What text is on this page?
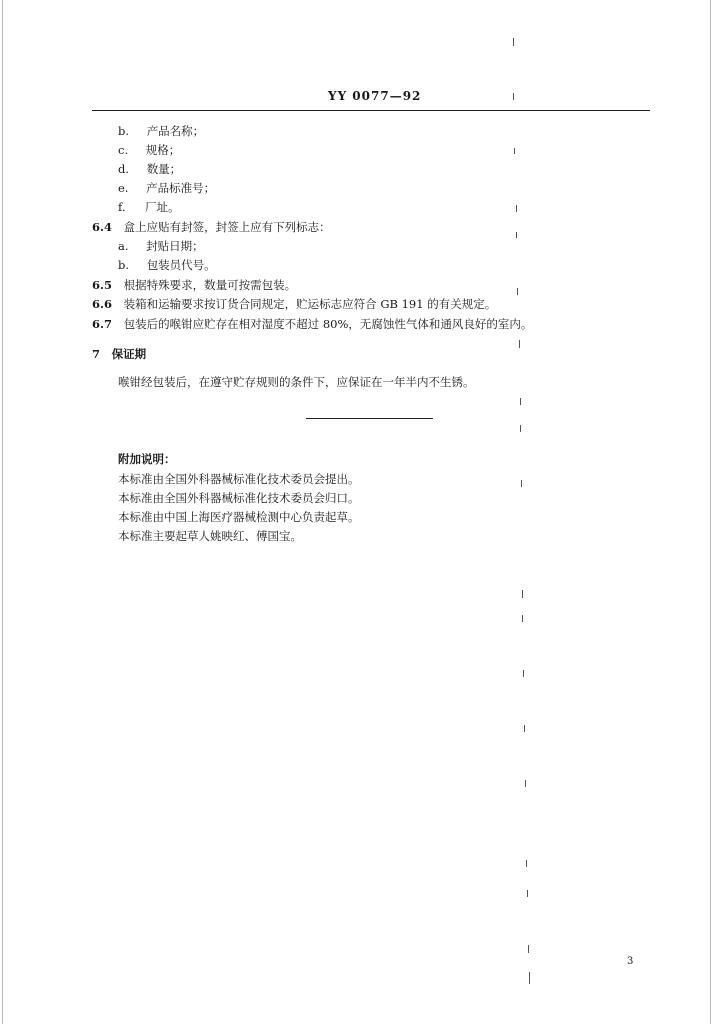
YY 0077—92
b. 产品名称；
c. 规格；
d. 数量；
e. 产品标准号；
f. 厂址。
6.4 盒上应贴有封签，封签上应有下列标志：
a. 封贴日期；
b. 包装员代号。
6.5 根据特殊要求，数量可按需包装。
6.6 装箱和运输要求按订货合同规定，贮运标志应符合 GB 191 的有关规定。
6.7 包装后的喉钳应贮存在相对湿度不超过 80%，无腐蚀性气体和通风良好的室内。
7 保证期
喉钳经包装后，在遵守贮存规则的条件下，应保证在一年半内不生锈。
附加说明：
本标准由全国外科器械标准化技术委员会提出。
本标准由全国外科器械标准化技术委员会归口。
本标准由中国上海医疗器械检测中心负责起草。
本标准主要起草人姚映红、傅国宝。
3
